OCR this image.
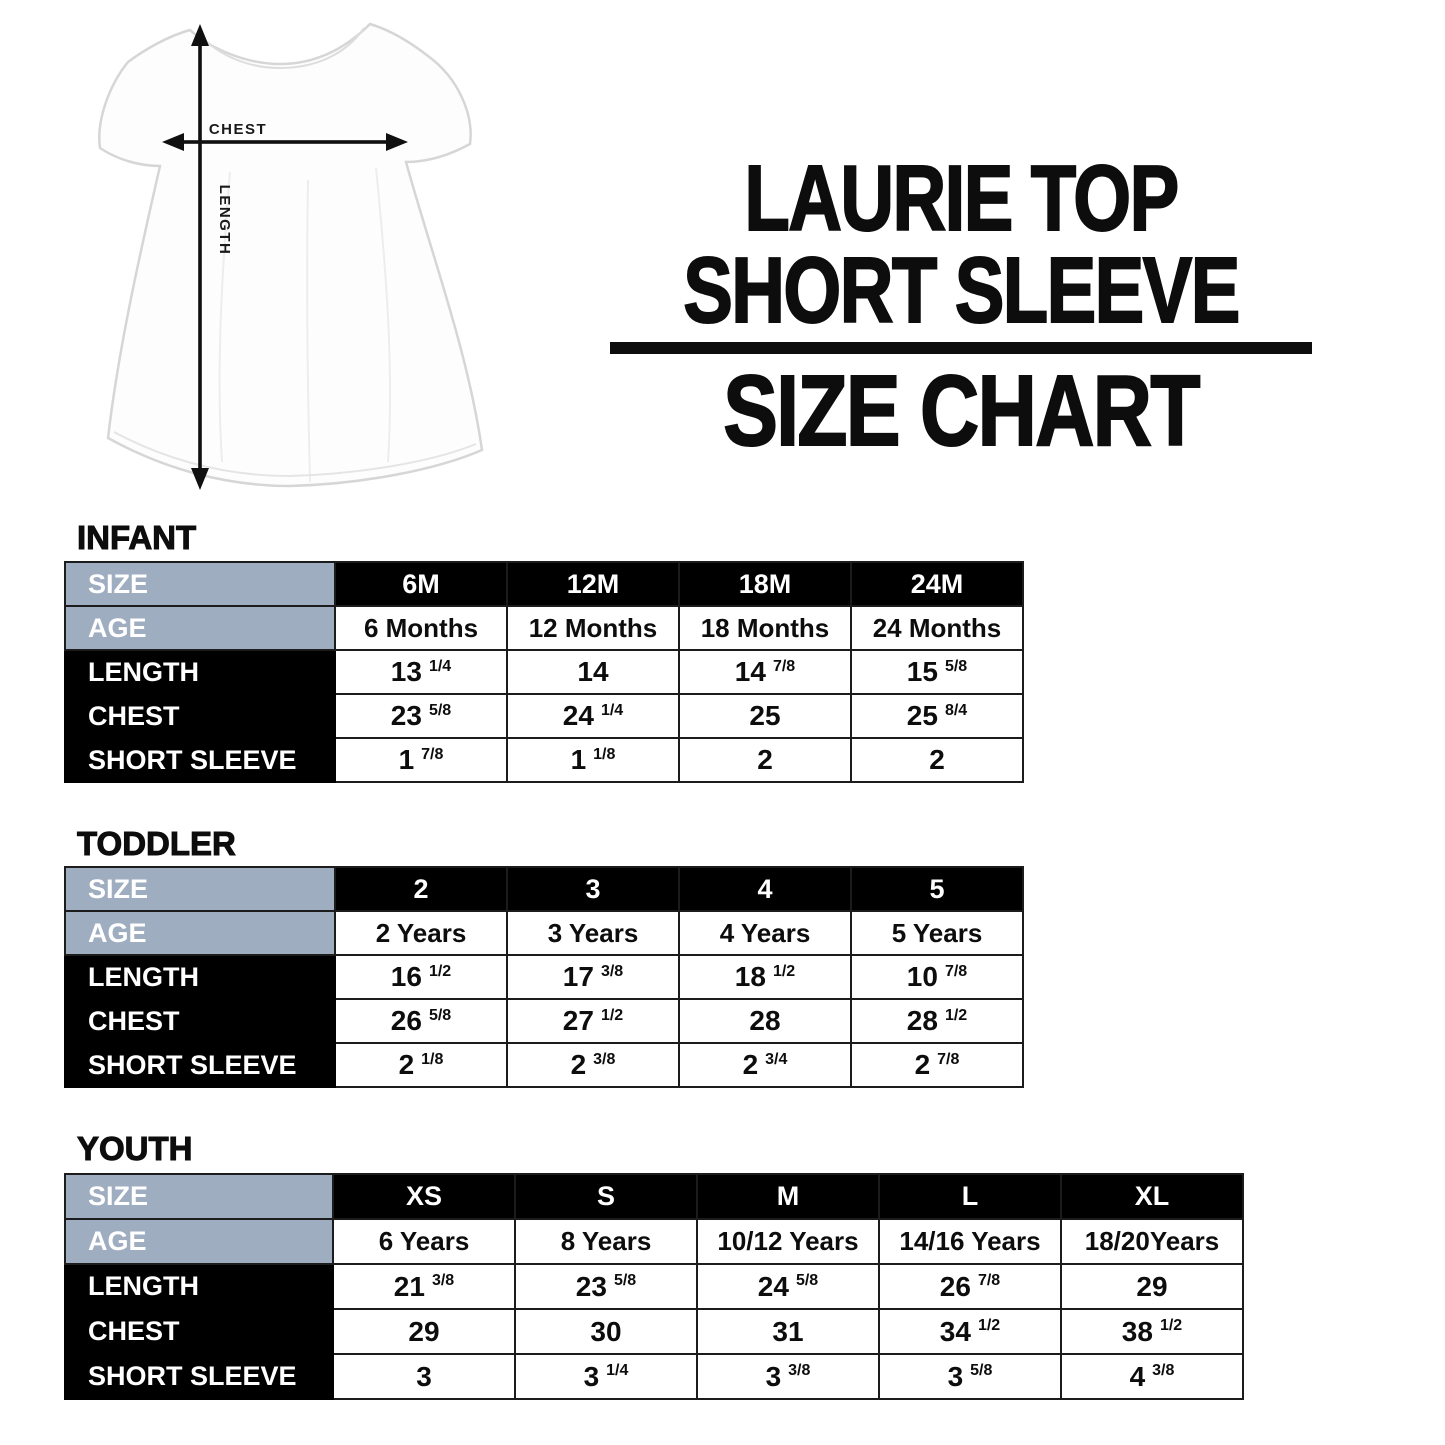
CHEST
LENGTH	LAURIE TOP
SHORT SLEEVE
SIZE CHART
INFANT
SIZE	6M	12M	18M	24M
AGE	6 Months	12 Months	18 Months	24 Months
LENGTH	13 $^{1/4}$	14	14 $^{7/8}$	15 $^{5/8}$
CHEST	23 $^{5/8}$	24 $^{1/4}$	25	25 $^{8/4}$
SHORT SLEEVE	1 $^{7/8}$	1 $^{1/8}$	2	2
TODDLER
SIZE	2	3	4	5
AGE	2 Years	3 Years	4 Years	5 Years
LENGTH	16 $^{1/2}$	17 $^{3/8}$	18 $^{1/2}$	10 $^{7/8}$
CHEST	26 $^{5/8}$	27 $^{1/2}$	28	28 $^{1/2}$
SHORT SLEEVE	2 $^{1/8}$	2 $^{3/8}$	2 $^{3/4}$	2 $^{7/8}$
YOUTH
SIZE	XS	S	M	L	XL
AGE	6 Years	8 Years	10/12 Years	14/16 Years	18/20Years
LENGTH	21 $^{3/8}$	23 $^{5/8}$	24 $^{5/8}$	26 $^{7/8}$	29
CHEST	29	30	31	34 $^{1/2}$	38 $^{1/2}$
SHORT SLEEVE	3	3 $^{1/4}$	3 $^{3/8}$	3 $^{5/8}$	4 $^{3/8}$
